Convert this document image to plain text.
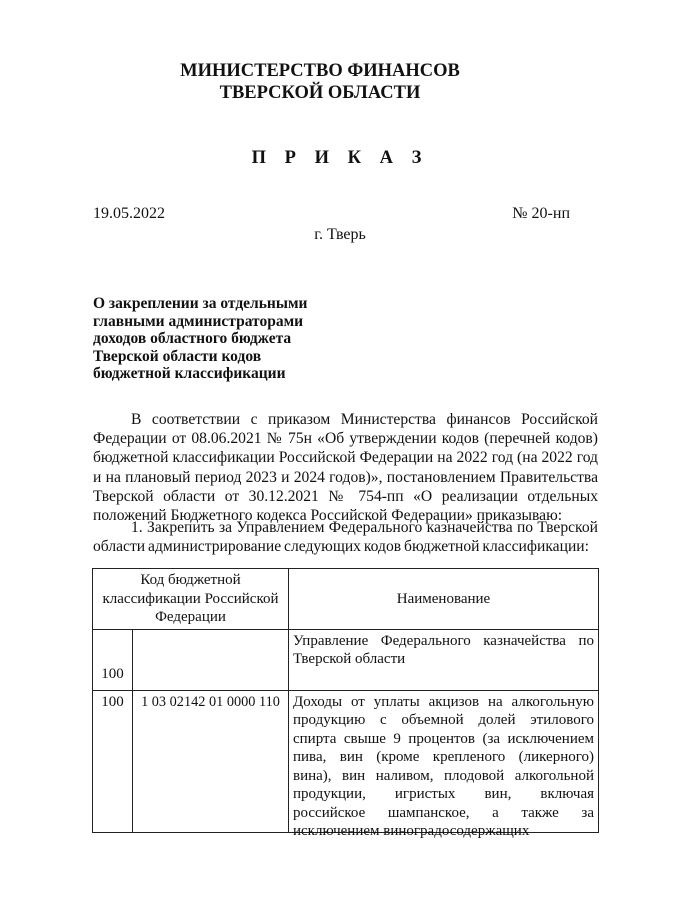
МИНИСТЕРСТВО ФИНАНСОВ
ТВЕРСКОЙ ОБЛАСТИ
П Р И К А З
19.05.2022	№ 20-нп
г. Тверь
О закреплении за отдельными
главными администраторами
доходов областного бюджета
Тверской области кодов
бюджетной классификации
В соответствии с приказом Министерства финансов Российской Федерации от 08.06.2021 № 75н «Об утверждении кодов (перечней кодов) бюджетной классификации Российской Федерации на 2022 год (на 2022 год и на плановый период 2023 и 2024 годов)», постановлением Правительства Тверской области от 30.12.2021 № 754-пп «О реализации отдельных положений Бюджетного кодекса Российской Федерации» приказываю:
1. Закрепить за Управлением Федерального казначейства по Тверской области администрирование следующих кодов бюджетной классификации:
Код бюджетной классификации Российской Федерации		Наименование
100		Управление Федерального казначейства по Тверской области
100	1 03 02142 01 0000 110	Доходы от уплаты акцизов на алкогольную продукцию с объемной долей этилового спирта свыше 9 процентов (за исключением пива, вин (кроме крепленого (ликерного) вина), вин наливом, плодовой алкогольной продукции, игристых вин, включая российское шампанское, а также за исключением виноградосодержащих
